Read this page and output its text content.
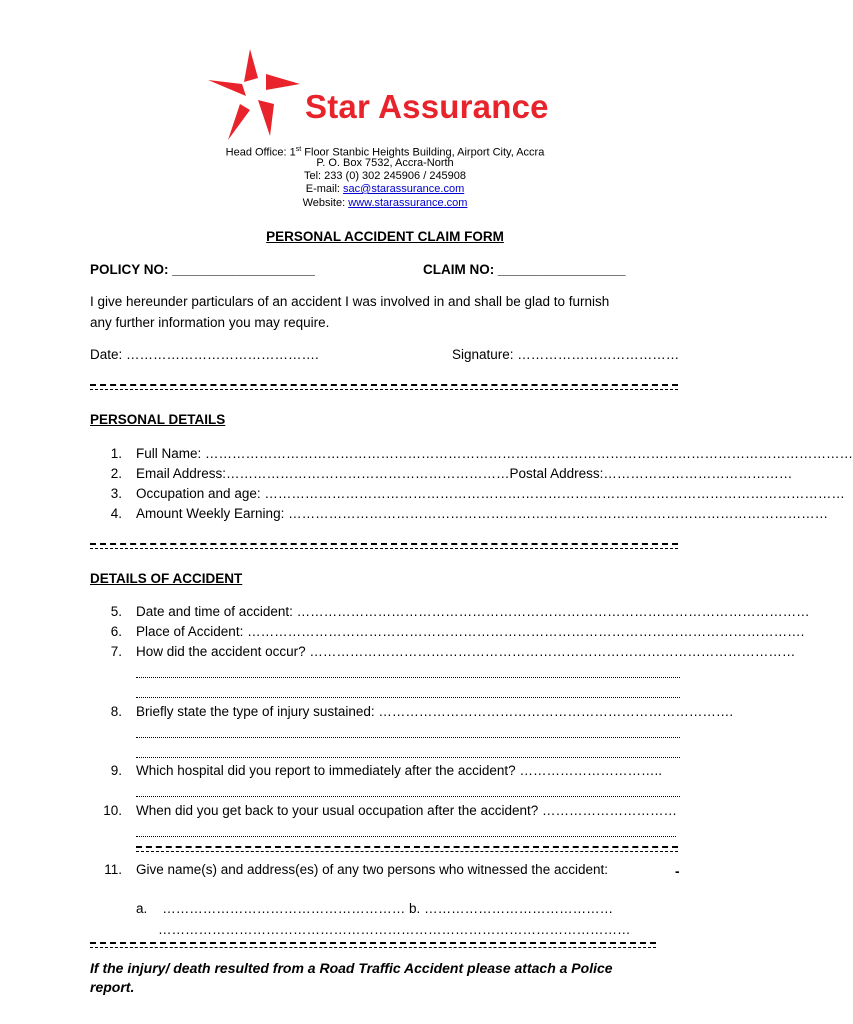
Star Assurance
Head Office: 1st Floor Stanbic Heights Building, Airport City, Accra
P. O. Box 7532, Accra-North
Tel: 233 (0) 302 245906 / 245908
E-mail: sac@starassurance.com
Website: www.starassurance.com
PERSONAL ACCIDENT CLAIM FORM
POLICY NO: ___________________	CLAIM NO: _________________
I give hereunder particulars of an accident I was involved in and shall be glad to furnish
any further information you may require.
Date: …………………………………….	Signature: ………………………………
PERSONAL DETAILS
1. Full Name: ………………………………………………………………………………………………………………………………
2. Email Address:………………………………………………………Postal Address:……………………………………
3. Occupation and age: …………………………………………………………………………………………………………………
4. Amount Weekly Earning: …………………………………………………………………………………………………………
DETAILS OF ACCIDENT
5. Date and time of accident: ……………………………………………………………………………………………………
6. Place of Accident: …………………………………………………………………………………………………………….
7. How did the accident occur? ………………………………………………………………………………………………
8. Briefly state the type of injury sustained: …………………………………………………………………….
9. Which hospital did you report to immediately after the accident? …………………………..
10. When did you get back to your usual occupation after the accident? …………………………
11. Give name(s) and address(es) of any two persons who witnessed the accident:	-
a. ……………………………………………… b. ……………………………………
……………………………………………………………………………………………
If the injury/ death resulted from a Road Traffic Accident please attach a Police
report.
